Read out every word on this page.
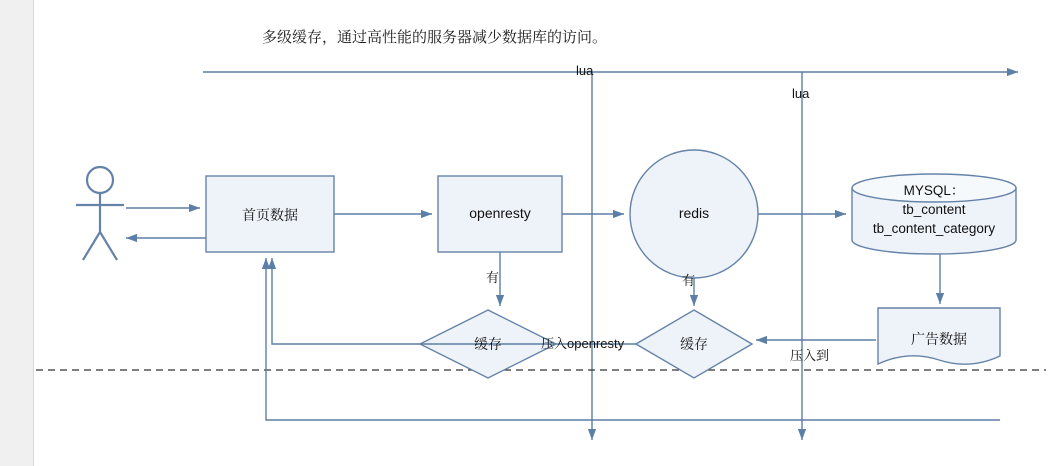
多级缓存，通过高性能的服务器减少数据库的访问。
首页数据	openresty	redis
MYSQL：
tb_content
tb_content_category
广告数据
缓存	缓存
lua
lua
有	有
压入openresty
压入到
